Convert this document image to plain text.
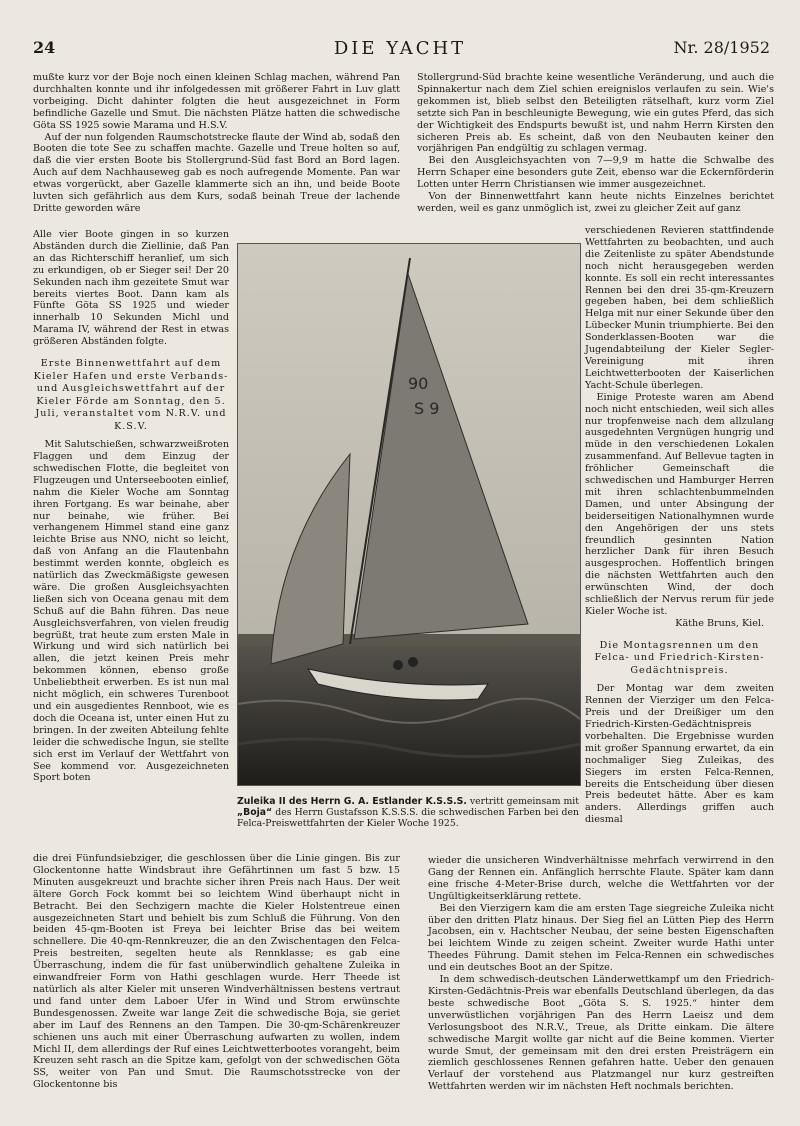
24	DIE YACHT	Nr. 28/1952

mußte kurz vor der Boje noch einen kleinen Schlag machen, während Pan durchhalten konnte und ihr infolgedessen mit größerer Fahrt in Luv glatt vorbeiging. Dicht dahinter folgten die heut ausgezeichnet in Form befindliche Gazelle und Smut. Die nächsten Plätze hatten die schwedische Göta SS 1925 sowie Marama und H.S.V.

Auf der nun folgenden Raumschotstrecke flaute der Wind ab, sodaß den Booten die tote See zu schaffen machte. Gazelle und Treue holten so auf, daß die vier ersten Boote bis Stollergrund-Süd fast Bord an Bord lagen. Auch auf dem Nachhauseweg gab es noch aufregende Momente. Pan war etwas vorgerückt, aber Gazelle klammerte sich an ihn, und beide Boote luvten sich gefährlich aus dem Kurs, sodaß beinah Treue der lachende Dritte geworden wäre

Alle vier Boote gingen in so kurzen Abständen durch die Ziellinie, daß Pan an das Richterschiff heranlief, um sich zu erkundigen, ob er Sieger sei! Der 20 Sekunden nach ihm gezeitete Smut war bereits viertes Boot. Dann kam als Fünfte Göta SS 1925 und wieder innerhalb 10 Sekunden Michl und Marama IV, während der Rest in etwas größeren Abständen folgte.

Erste Binnenwettfahrt auf dem Kieler Hafen und erste Verbands- und Ausgleichswettfahrt auf der Kieler Förde am Sonntag, den 5. Juli, veranstaltet vom N.R.V. und K.S.V.

Mit Salutschießen, schwarzweißroten Flaggen und dem Einzug der schwedischen Flotte, die begleitet von Flugzeugen und Unterseebooten einlief, nahm die Kieler Woche am Sonntag ihren Fortgang. Es war beinahe, aber nur beinahe, wie früher. Bei verhangenem Himmel stand eine ganz leichte Brise aus NNO, nicht so leicht, daß von Anfang an die Flautenbahn bestimmt werden konnte, obgleich es natürlich das Zweckmäßigste gewesen wäre. Die großen Ausgleichsyachten ließen sich von Oceana genau mit dem Schuß auf die Bahn führen. Das neue Ausgleichsverfahren, von vielen freudig begrüßt, trat heute zum ersten Male in Wirkung und wird sich natürlich bei allen, die jetzt keinen Preis mehr bekommen können, ebenso große Unbeliebtheit erwerben. Es ist nun mal nicht möglich, ein schweres Turenboot und ein ausgedientes Rennboot, wie es doch die Oceana ist, unter einen Hut zu bringen. In der zweiten Abteilung fehlte leider die schwedische Ingun, sie stellte sich erst im Verlauf der Wettfahrt von See kommend vor. Ausgezeichneten Sport boten

90
S 9
Zuleika II des Herrn G. A. Estlander K.S.S.S. vertritt gemeinsam mit „Boja“ des Herrn Gustafsson K.S.S.S. die schwedischen Farben bei den Felca-Preiswettfahrten der Kieler Woche 1925.

die drei Fünfundsiebziger, die geschlossen über die Linie gingen. Bis zur Glockentonne hatte Windsbraut ihre Gefährtinnen um fast 5 bzw. 15 Minuten ausgekreuzt und brachte sicher ihren Preis nach Haus. Der weit ältere Gorch Fock kommt bei so leichtem Wind überhaupt nicht in Betracht. Bei den Sechzigern machte die Kieler Holstentreue einen ausgezeichneten Start und behielt bis zum Schluß die Führung. Von den beiden 45-qm-Booten ist Freya bei leichter Brise das bei weitem schnellere. Die 40-qm-Rennkreuzer, die an den Zwischentagen den Felca-Preis bestreiten, segelten heute als Rennklasse; es gab eine Überraschung, indem die für fast unüberwindlich gehaltene Zuleika in einwandfreier Form von Hathi geschlagen wurde. Herr Theede ist natürlich als alter Kieler mit unseren Windverhältnissen bestens vertraut und fand unter dem Laboer Ufer in Wind und Strom erwünschte Bundesgenossen. Zweite war lange Zeit die schwedische Boja, sie geriet aber im Lauf des Rennens an den Tampen. Die 30-qm-Schärenkreuzer schienen uns auch mit einer Überraschung aufwarten zu wollen, indem Michl II, dem allerdings der Ruf eines Leichtwetterbootes vorangeht, beim Kreuzen seht rasch an die Spitze kam, gefolgt von der schwedischen Göta SS, weiter von Pan und Smut. Die Raumschotsstrecke von der Glockentonne bis

Stollergrund-Süd brachte keine wesentliche Veränderung, und auch die Spinnakertur nach dem Ziel schien ereignislos verlaufen zu sein. Wie's gekommen ist, blieb selbst den Beteiligten rätselhaft, kurz vorm Ziel setzte sich Pan in beschleunigte Bewegung, wie ein gutes Pferd, das sich der Wichtigkeit des Endspurts bewußt ist, und nahm Herrn Kirsten den sicheren Preis ab. Es scheint, daß von den Neubauten keiner den vorjährigen Pan endgültig zu schlagen vermag.

Bei den Ausgleichsyachten von 7—9,9 m hatte die Schwalbe des Herrn Schaper eine besonders gute Zeit, ebenso war die Eckernförderin Lotten unter Herrn Christiansen wie immer ausgezeichnet.

Von der Binnenwettfahrt kann heute nichts Einzelnes berichtet werden, weil es ganz unmöglich ist, zwei zu gleicher Zeit auf ganz

verschiedenen Revieren stattfindende Wettfahrten zu beobachten, und auch die Zeitenliste zu später Abendstunde noch nicht herausgegeben werden konnte. Es soll ein recht interessantes Rennen bei den drei 35-qm-Kreuzern gegeben haben, bei dem schließlich Helga mit nur einer Sekunde über den Lübecker Munin triumphierte. Bei den Sonderklassen-Booten war die Jugendabteilung der Kieler Segler-Vereinigung mit ihren Leichtwetterbooten der Kaiserlichen Yacht-Schule überlegen.

Einige Proteste waren am Abend noch nicht entschieden, weil sich alles nur tropfenweise nach dem allzulang ausgedehnten Vergnügen hungrig und müde in den verschiedenen Lokalen zusammenfand. Auf Bellevue tagten in fröhlicher Gemeinschaft die schwedischen und Hamburger Herren mit ihren schlachtenbummelnden Damen, und unter Absingung der beiderseitigen Nationalhymnen wurde den Angehörigen der uns stets freundlich gesinnten Nation herzlicher Dank für ihren Besuch ausgesprochen. Hoffentlich bringen die nächsten Wettfahrten auch den erwünschten Wind, der doch schließlich der Nervus rerum für jede Kieler Woche ist.

Käthe Bruns, Kiel.

Die Montagsrennen um den Felca- und Friedrich-Kirsten-Gedächtnispreis.

Der Montag war dem zweiten Rennen der Vierziger um den Felca-Preis und der Dreißiger um den Friedrich-Kirsten-Gedächtnispreis vorbehalten. Die Ergebnisse wurden mit großer Spannung erwartet, da ein nochmaliger Sieg Zuleikas, des Siegers im ersten Felca-Rennen, bereits die Entscheidung über diesen Preis bedeutet hätte. Aber es kam anders. Allerdings griffen auch diesmal

wieder die unsicheren Windverhältnisse mehrfach verwirrend in den Gang der Rennen ein. Anfänglich herrschte Flaute. Später kam dann eine frische 4-Meter-Brise durch, welche die Wettfahrten vor der Ungültigkeitserklärung rettete.

Bei den Vierzigern kam die am ersten Tage siegreiche Zuleika nicht über den dritten Platz hinaus. Der Sieg fiel an Lütten Piep des Herrn Jacobsen, ein v. Hachtscher Neubau, der seine besten Eigenschaften bei leichtem Winde zu zeigen scheint. Zweiter wurde Hathi unter Theedes Führung. Damit stehen im Felca-Rennen ein schwedisches und ein deutsches Boot an der Spitze.

In dem schwedisch-deutschen Länderwettkampf um den Friedrich-Kirsten-Gedächtnis-Preis war ebenfalls Deutschland überlegen, da das beste schwedische Boot „Göta S. S. 1925.“ hinter dem unverwüstlichen vorjährigen Pan des Herrn Laeisz und dem Verlosungsboot des N.R.V., Treue, als Dritte einkam. Die ältere schwedische Margit wollte gar nicht auf die Beine kommen. Vierter wurde Smut, der gemeinsam mit den drei ersten Preisträgern ein ziemlich geschlossenes Rennen gefahren hatte. Ueber den genauen Verlauf der vorstehend aus Platzmangel nur kurz gestreiften Wettfahrten werden wir im nächsten Heft nochmals berichten.
